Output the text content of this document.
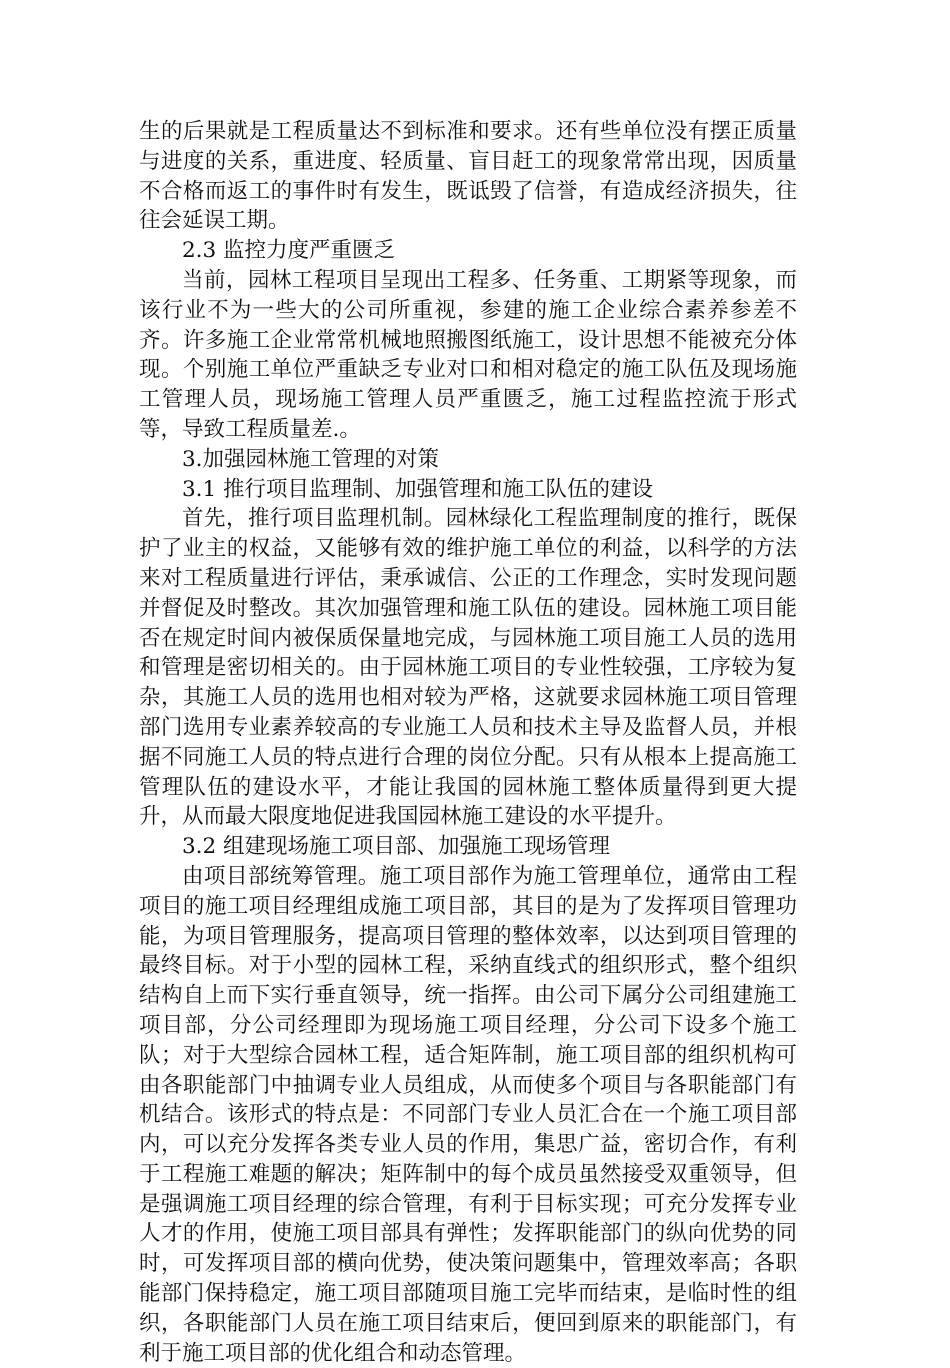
生的后果就是工程质量达不到标准和要求。还有些单位没有摆正质量与进度的关系，重进度、轻质量、盲目赶工的现象常常出现，因质量不合格而返工的事件时有发生，既诋毁了信誉，有造成经济损失，往往会延误工期。

2.3 监控力度严重匮乏

当前，园林工程项目呈现出工程多、任务重、工期紧等现象，而该行业不为一些大的公司所重视，参建的施工企业综合素养参差不齐。许多施工企业常常机械地照搬图纸施工，设计思想不能被充分体现。个别施工单位严重缺乏专业对口和相对稳定的施工队伍及现场施工管理人员，现场施工管理人员严重匮乏，施工过程监控流于形式等，导致工程质量差.。

3.加强园林施工管理的对策

3.1 推行项目监理制、加强管理和施工队伍的建设

首先，推行项目监理机制。园林绿化工程监理制度的推行，既保护了业主的权益，又能够有效的维护施工单位的利益，以科学的方法来对工程质量进行评估，秉承诚信、公正的工作理念，实时发现问题并督促及时整改。其次加强管理和施工队伍的建设。园林施工项目能否在规定时间内被保质保量地完成，与园林施工项目施工人员的选用和管理是密切相关的。由于园林施工项目的专业性较强，工序较为复杂，其施工人员的选用也相对较为严格，这就要求园林施工项目管理部门选用专业素养较高的专业施工人员和技术主导及监督人员，并根据不同施工人员的特点进行合理的岗位分配。只有从根本上提高施工管理队伍的建设水平，才能让我国的园林施工整体质量得到更大提升，从而最大限度地促进我国园林施工建设的水平提升。

3.2 组建现场施工项目部、加强施工现场管理

由项目部统筹管理。施工项目部作为施工管理单位，通常由工程项目的施工项目经理组成施工项目部，其目的是为了发挥项目管理功能，为项目管理服务，提高项目管理的整体效率，以达到项目管理的最终目标。对于小型的园林工程，采纳直线式的组织形式，整个组织结构自上而下实行垂直领导，统一指挥。由公司下属分公司组建施工项目部，分公司经理即为现场施工项目经理，分公司下设多个施工队；对于大型综合园林工程，适合矩阵制，施工项目部的组织机构可由各职能部门中抽调专业人员组成，从而使多个项目与各职能部门有机结合。该形式的特点是：不同部门专业人员汇合在一个施工项目部内，可以充分发挥各类专业人员的作用，集思广益，密切合作，有利于工程施工难题的解决；矩阵制中的每个成员虽然接受双重领导，但是强调施工项目经理的综合管理，有利于目标实现；可充分发挥专业人才的作用，使施工项目部具有弹性；发挥职能部门的纵向优势的同时，可发挥项目部的横向优势，使决策问题集中，管理效率高；各职能部门保持稳定，施工项目部随项目施工完毕而结束，是临时性的组织，各职能部门人员在施工项目结束后，便回到原来的职能部门，有利于施工项目部的优化组合和动态管理。
